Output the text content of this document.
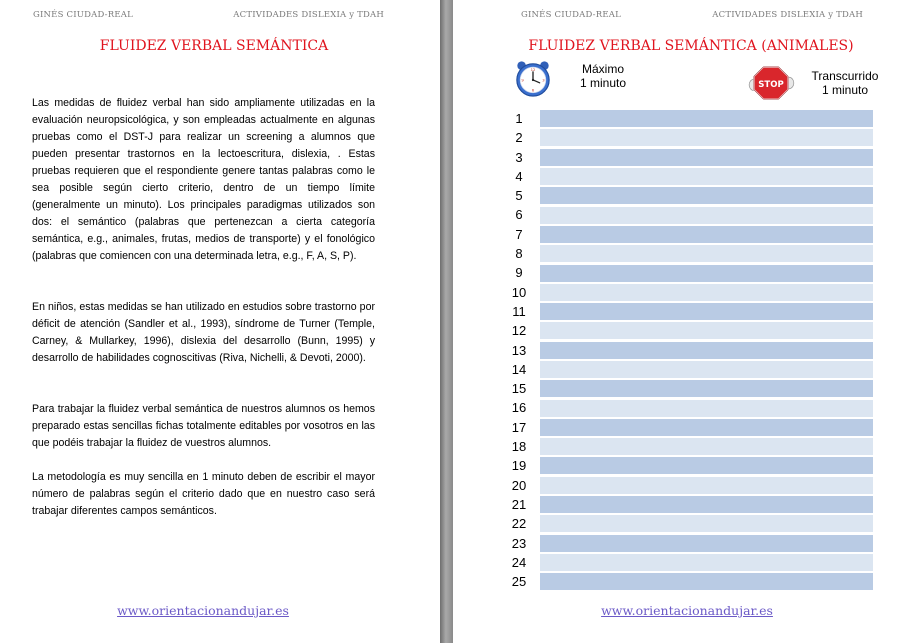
GINÉS CIUDAD-REAL	ACTIVIDADES DISLEXIA y TDAH
FLUIDEZ VERBAL SEMÁNTICA

Las medidas de fluidez verbal han sido ampliamente utilizadas en la evaluación neuropsicológica, y son empleadas actualmente en algunas pruebas como el DST-J para realizar un screening a alumnos que pueden presentar trastornos en la lectoescritura, dislexia, . Estas pruebas requieren que el respondiente genere tantas palabras como le sea posible según cierto criterio, dentro de un tiempo límite (generalmente un minuto). Los principales paradigmas utilizados son dos: el semántico (palabras que pertenezcan a cierta categoría semántica, e.g., animales, frutas, medios de transporte) y el fonológico (palabras que comiencen con una determinada letra, e.g., F, A, S, P).

En niños, estas medidas se han utilizado en estudios sobre trastorno por déficit de atención (Sandler et al., 1993), síndrome de Turner (Temple, Carney, & Mullarkey, 1996), dislexia del desarrollo (Bunn, 1995) y desarrollo de habilidades cognoscitivas (Riva, Nichelli, & Devoti, 2000).

Para trabajar la fluidez verbal semántica de nuestros alumnos os hemos preparado estas sencillas fichas totalmente editables por vosotros en las que podéis trabajar la fluidez de vuestros alumnos.

La metodología es muy sencilla en 1 minuto deben de escribir el mayor número de palabras según el criterio dado que en nuestro caso será trabajar diferentes campos semánticos.

www.orientacionandujar.es
GINÉS CIUDAD-REAL	ACTIVIDADES DISLEXIA y TDAH
FLUIDEZ VERBAL SEMÁNTICA (ANIMALES)
12
3
6
9
Máximo
1 minuto	STOP
Transcurrido
1 minuto
1
2
3
4
5
6
7
8
9
10
11
12
13
14
15
16
17
18
19
20
21
22
23
24
25
www.orientacionandujar.es
